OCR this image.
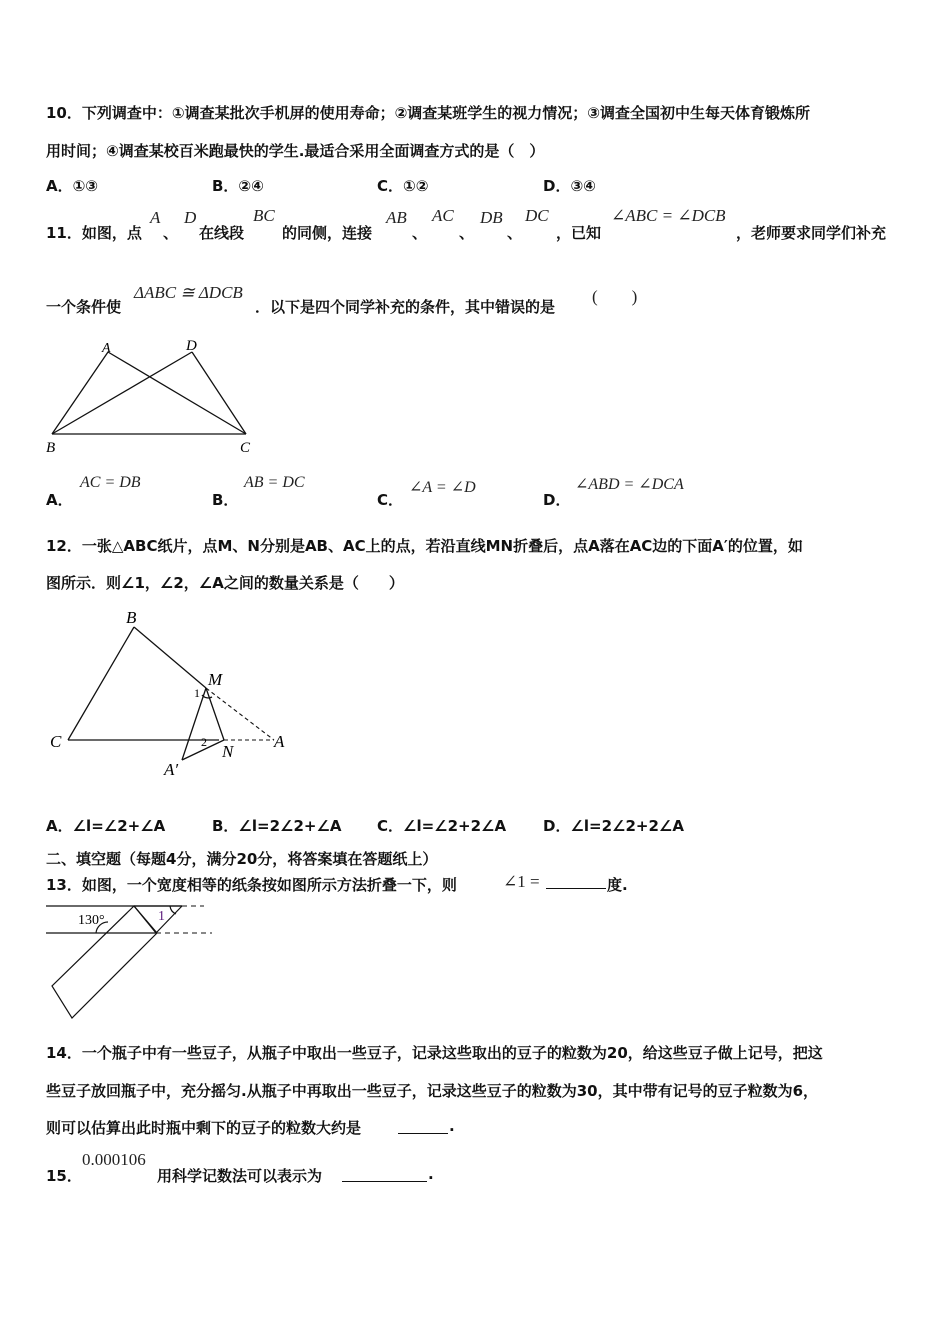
10．下列调查中：①调查某批次手机屏的使用寿命；②调查某班学生的视力情况；③调查全国初中生每天体育锻炼所
用时间；④调查某校百米跑最快的学生.最适合采用全面调查方式的是（　）
A．①③	B．②④	C．①②	D．③④
11．如图，点
A
、
D
在线段
BC
的同侧，连接
AB
、
AC
、
DB
、
DC
，已知
∠ABC = ∠DCB
，老师要求同学们补充
一个条件使
ΔABC ≅ ΔDCB
．以下是四个同学补充的条件，其中错误的是
(　　)
A	D
B	C
A．
AC = DB
B．
AB = DC
C．
∠A = ∠D
D．
∠ABD = ∠DCA
12．一张△ABC纸片，点M、N分别是AB、AC上的点，若沿直线MN折叠后，点A落在AC边的下面A′的位置，如
图所示．则∠1，∠2，∠A之间的数量关系是（　　）
B
C
M
N
A
A′
1
2
A．∠l=∠2+∠A	B．∠l=2∠2+∠A C．∠l=∠2+2∠A D．∠l=2∠2+2∠A
二、填空题（每题4分，满分20分，将答案填在答题纸上）
13．如图，一个宽度相等的纸条按如图所示方法折叠一下，则	∠1 =	度.
130°	1
14．一个瓶子中有一些豆子，从瓶子中取出一些豆子，记录这些取出的豆子的粒数为20，给这些豆子做上记号，把这
些豆子放回瓶子中，充分摇匀.从瓶子中再取出一些豆子，记录这些豆子的粒数为30，其中带有记号的豆子粒数为6，
则可以估算出此时瓶中剩下的豆子的粒数大约是	.
15．
0.000106
用科学记数法可以表示为	.
